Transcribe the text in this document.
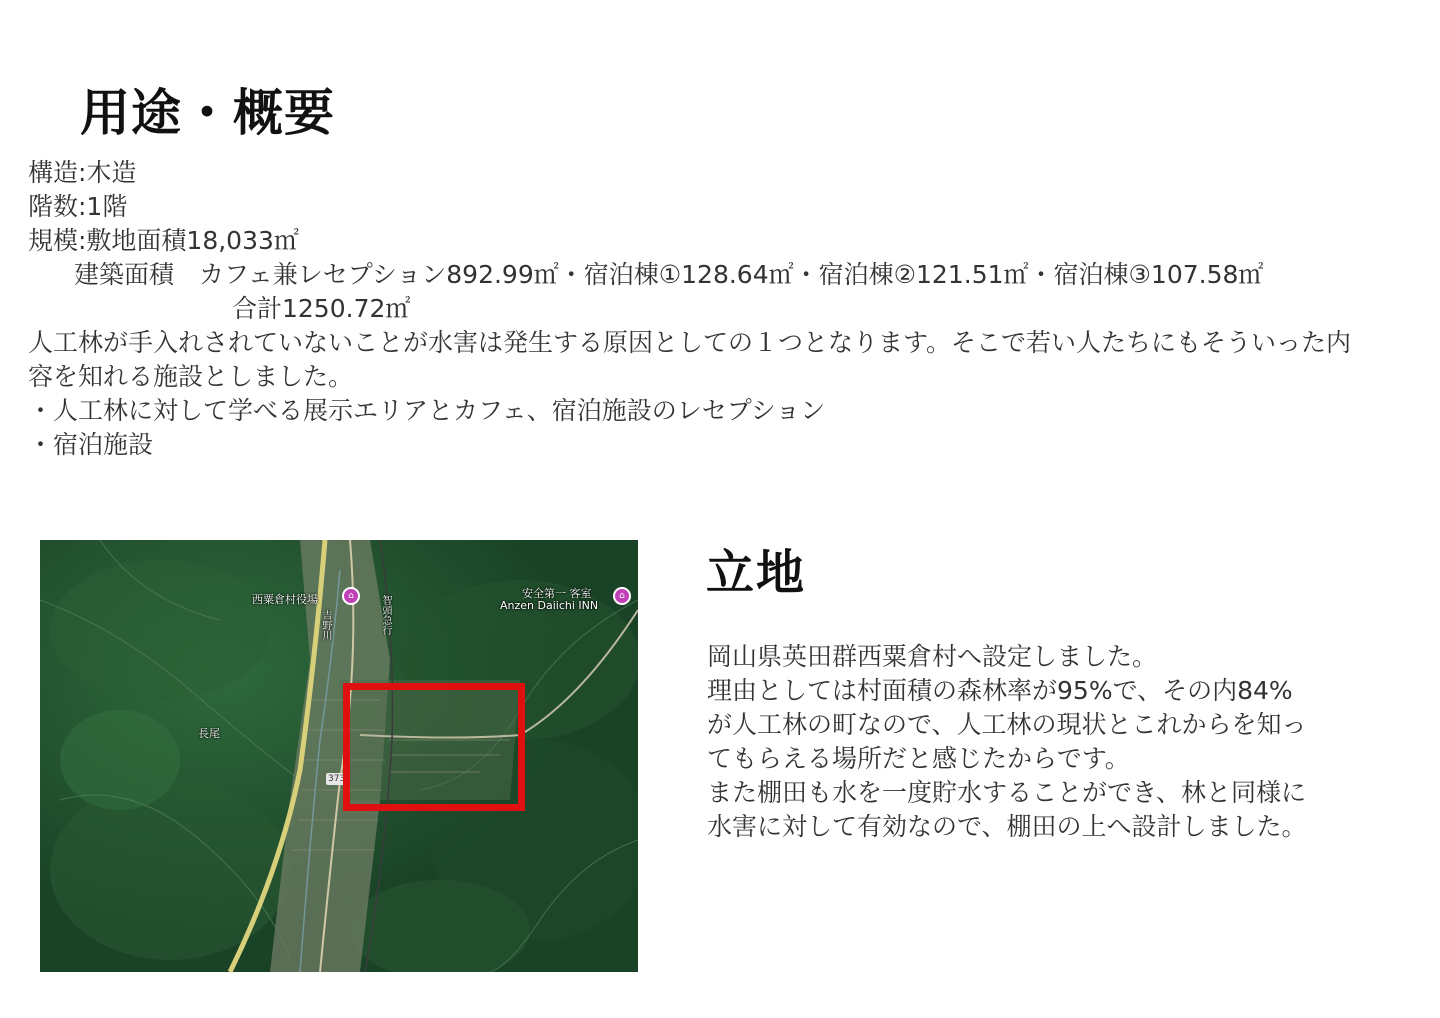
用途・概要
構造:木造
階数:1階
規模:敷地面積18,033㎡
建築面積　カフェ兼レセプション892.99㎡・宿泊棟①128.64㎡・宿泊棟②121.51㎡・宿泊棟③107.58㎡
合計1250.72㎡
人工林が手入れされていないことが水害は発生する原因としての１つとなります。そこで若い人たちにもそういった内
容を知れる施設としました。
・人工林に対して学べる展示エリアとカフェ、宿泊施設のレセプション
・宿泊施設
西粟倉村役場	⌂	安全第一 客室
Anzen Daiichi INN
⌂
長尾
吉野川	智頭急行
373
立地
岡山県英田群西粟倉村へ設定しました。
理由としては村面積の森林率が95%で、その内84%
が人工林の町なので、人工林の現状とこれからを知っ
てもらえる場所だと感じたからです。
また棚田も水を一度貯水することができ、林と同様に
水害に対して有効なので、棚田の上へ設計しました。
